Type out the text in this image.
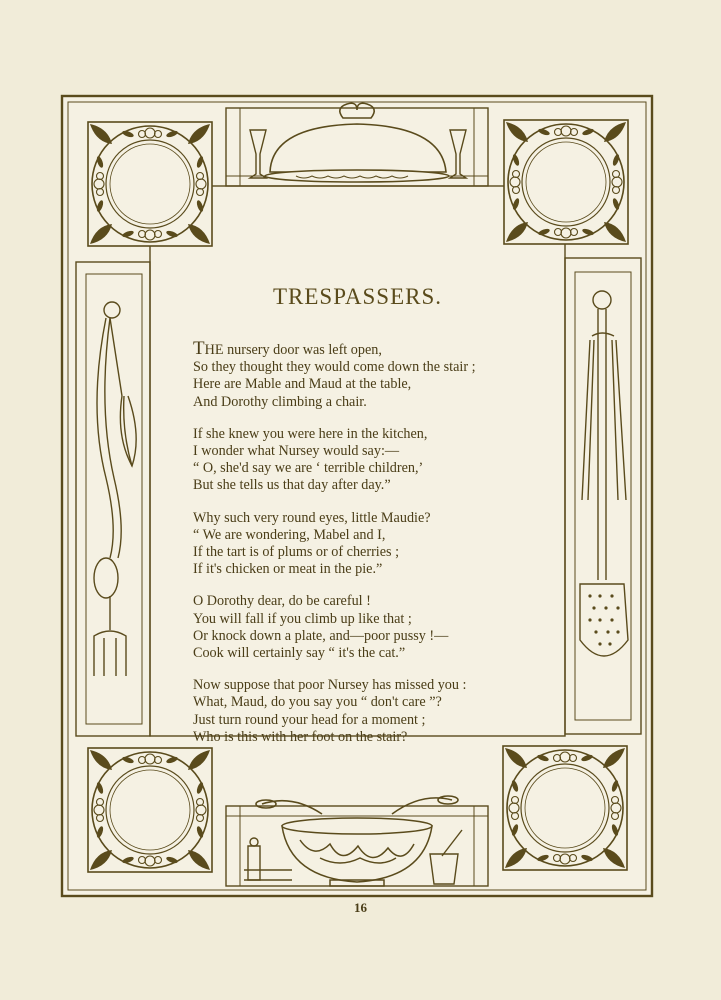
TRESPASSERS.
THE nursery door was left open,
So they thought they would come down the stair ;
Here are Mable and Maud at the table,
And Dorothy climbing a chair.
If she knew you were here in the kitchen,
I wonder what Nursey would say:—
“ O, she'd say we are ‘ terrible children,’
But she tells us that day after day.”
Why such very round eyes, little Maudie?
“ We are wondering, Mabel and I,
If the tart is of plums or of cherries ;
If it's chicken or meat in the pie.”
O Dorothy dear, do be careful !
You will fall if you climb up like that ;
Or knock down a plate, and—poor pussy !—
Cook will certainly say “ it's the cat.”
Now suppose that poor Nursey has missed you :
What, Maud, do you say you “ don't care ”?
Just turn round your head for a moment ;
Who is this with her foot on the stair?
16
